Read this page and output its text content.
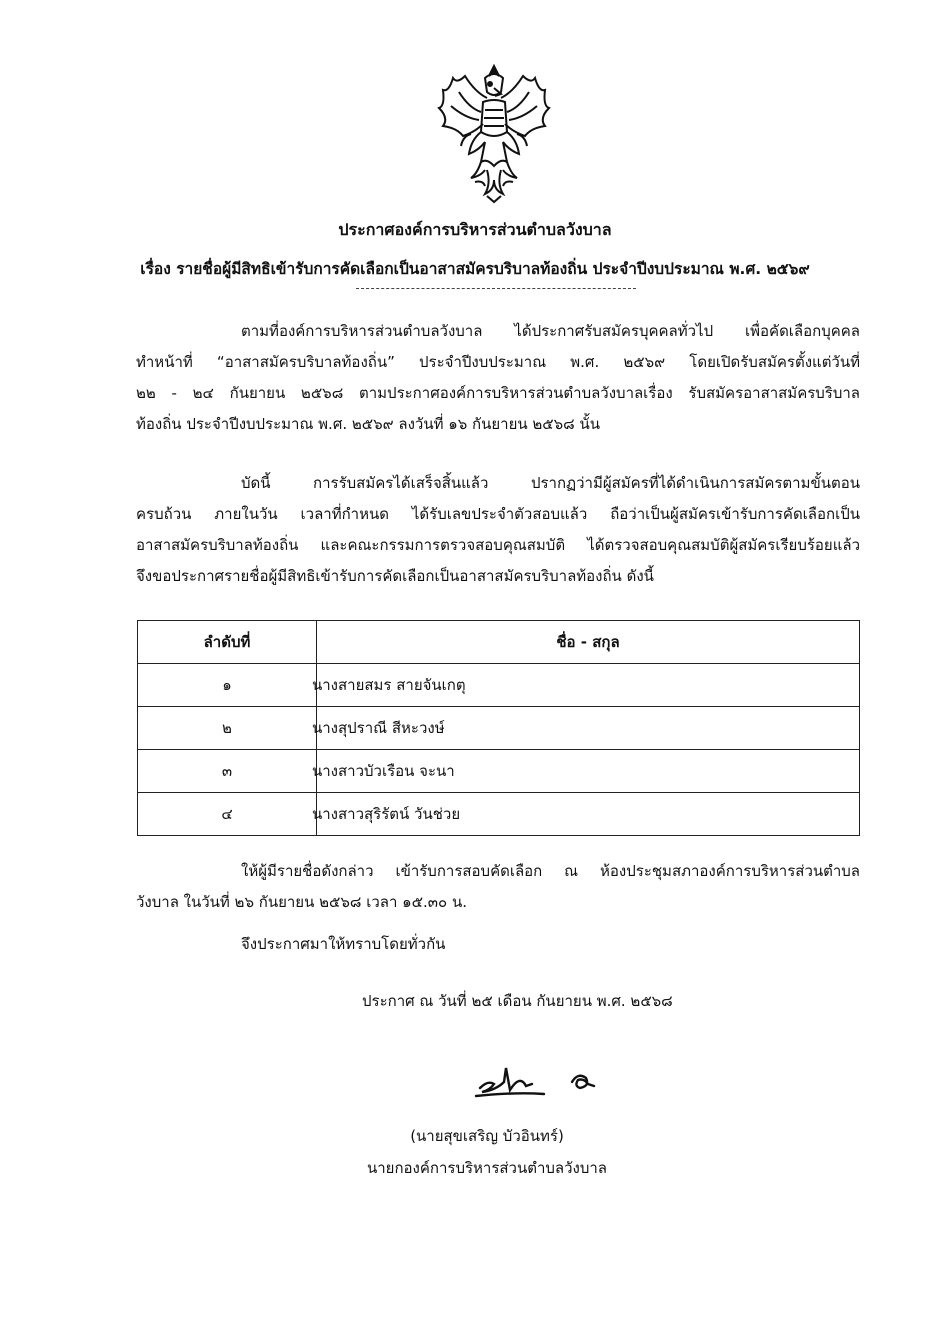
ประกาศองค์การบริหารส่วนตำบลวังบาล
เรื่อง รายชื่อผู้มีสิทธิเข้ารับการคัดเลือกเป็นอาสาสมัครบริบาลท้องถิ่น ประจำปีงบประมาณ พ.ศ. ๒๕๖๙
ตามที่องค์การบริหารส่วนตำบลวังบาล ได้ประกาศรับสมัครบุคคลทั่วไป เพื่อคัดเลือกบุคคล
ทำหน้าที่ “อาสาสมัครบริบาลท้องถิ่น” ประจำปีงบประมาณ พ.ศ. ๒๕๖๙ โดยเปิดรับสมัครตั้งแต่วันที่
๒๒ - ๒๔ กันยายน ๒๕๖๘ ตามประกาศองค์การบริหารส่วนตำบลวังบาลเรื่อง รับสมัครอาสาสมัครบริบาล
ท้องถิ่น ประจำปีงบประมาณ พ.ศ. ๒๕๖๙ ลงวันที่ ๑๖ กันยายน ๒๕๖๘ นั้น
บัดนี้ การรับสมัครได้เสร็จสิ้นแล้ว ปรากฏว่ามีผู้สมัครที่ได้ดำเนินการสมัครตามขั้นตอน
ครบถ้วน ภายในวัน เวลาที่กำหนด ได้รับเลขประจำตัวสอบแล้ว ถือว่าเป็นผู้สมัครเข้ารับการคัดเลือกเป็น
อาสาสมัครบริบาลท้องถิ่น และคณะกรรมการตรวจสอบคุณสมบัติ ได้ตรวจสอบคุณสมบัติผู้สมัครเรียบร้อยแล้ว
จึงขอประกาศรายชื่อผู้มีสิทธิเข้ารับการคัดเลือกเป็นอาสาสมัครบริบาลท้องถิ่น ดังนี้
ลำดับที่	ชื่อ - สกุล
๑	นางสายสมร สายจันเกตุ
๒	นางสุปราณี สีหะวงษ์
๓	นางสาวบัวเรือน จะนา
๔	นางสาวสุริรัตน์ วันช่วย
ให้ผู้มีรายชื่อดังกล่าว เข้ารับการสอบคัดเลือก ณ ห้องประชุมสภาองค์การบริหารส่วนตำบล
วังบาล ในวันที่ ๒๖ กันยายน ๒๕๖๘ เวลา ๑๕.๓๐ น.
จึงประกาศมาให้ทราบโดยทั่วกัน
ประกาศ ณ วันที่ ๒๕ เดือน กันยายน พ.ศ. ๒๕๖๘
(นายสุขเสริญ บัวอินทร์)
นายกองค์การบริหารส่วนตำบลวังบาล
